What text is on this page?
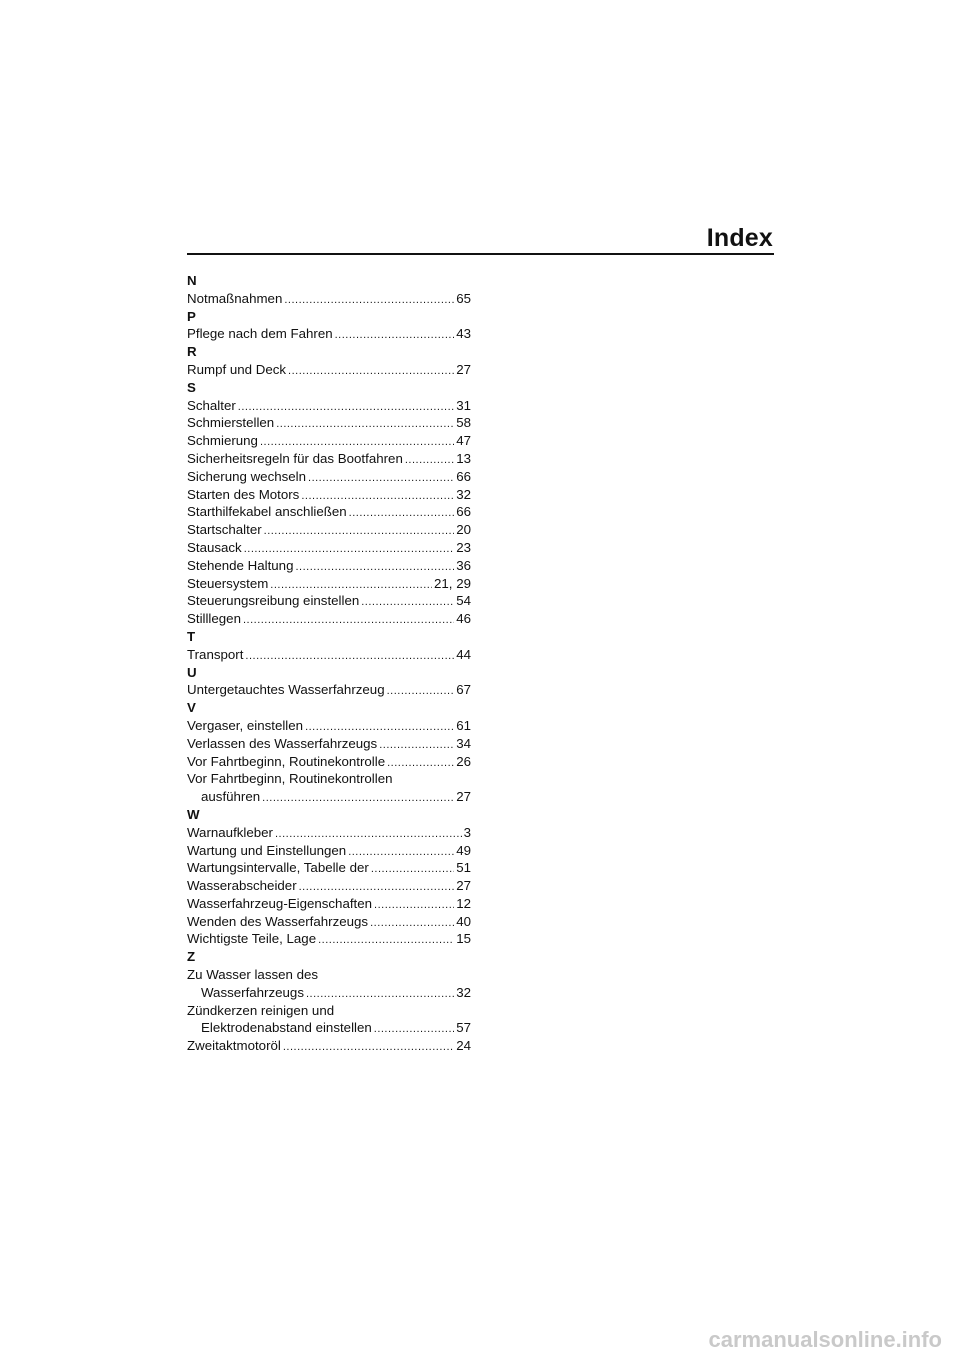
Index
N
Notmaßnahmen .....	65
P
Pflege nach dem Fahren .....	43
R
Rumpf und Deck .....	27
S
Schalter .....	31
Schmierstellen .....	58
Schmierung .....	47
Sicherheitsregeln für das Bootfahren .....	13
Sicherung wechseln .....	66
Starten des Motors .....	32
Starthilfekabel anschließen .....	66
Startschalter .....	20
Stausack .....	23
Stehende Haltung .....	36
Steuersystem .....	21, 29
Steuerungsreibung einstellen .....	54
Stilllegen .....	46
T
Transport .....	44
U
Untergetauchtes Wasserfahrzeug .....	67
V
Vergaser, einstellen .....	61
Verlassen des Wasserfahrzeugs .....	34
Vor Fahrtbeginn, Routinekontrolle .....	26
Vor Fahrtbeginn, Routinekontrollen
ausführen .....	27
W
Warnaufkleber .....	3
Wartung und Einstellungen .....	49
Wartungsintervalle, Tabelle der .....	51
Wasserabscheider .....	27
Wasserfahrzeug-Eigenschaften .....	12
Wenden des Wasserfahrzeugs .....	40
Wichtigste Teile, Lage .....	15
Z
Zu Wasser lassen des
Wasserfahrzeugs .....	32
Zündkerzen reinigen und
Elektrodenabstand einstellen .....	57
Zweitaktmotoröl .....	24
carmanualsonline.info
